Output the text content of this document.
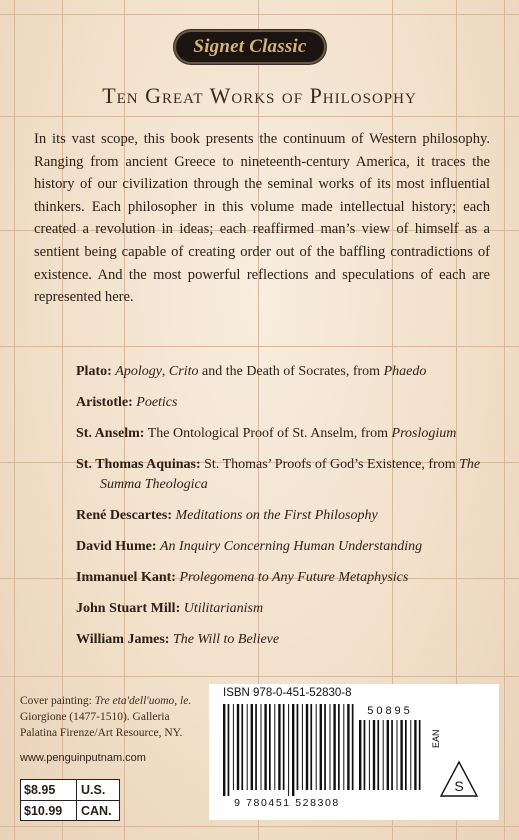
Signet Classic
Ten Great Works of Philosophy
In its vast scope, this book presents the continuum of Western philosophy. Ranging from ancient Greece to nineteenth-century America, it traces the history of our civilization through the seminal works of its most influential thinkers. Each philosopher in this volume made intellectual history; each created a revolution in ideas; each reaffirmed man’s view of himself as a sentient being capable of creating order out of the baffling contradictions of existence. And the most powerful reflections and speculations of each are represented here.
Plato: Apology, Crito and the Death of Socrates, from Phaedo
Aristotle: Poetics
St. Anselm: The Ontological Proof of St. Anselm, from Proslogium
St. Thomas Aquinas: St. Thomas’ Proofs of God’s Existence, from The Summa Theologica
René Descartes: Meditations on the First Philosophy
David Hume: An Inquiry Concerning Human Understanding
Immanuel Kant: Prolegomena to Any Future Metaphysics
John Stuart Mill: Utilitarianism
William James: The Will to Believe
Cover painting: Tre eta'dell'uomo, le. Giorgione (1477-1510). Galleria Palatina Firenze/Art Resource, NY.
www.penguinputnam.com
$8.95	U.S.
$10.99	CAN.
ISBN 978-0-451-52830-8
50895
9 780451 528308
EAN
S
